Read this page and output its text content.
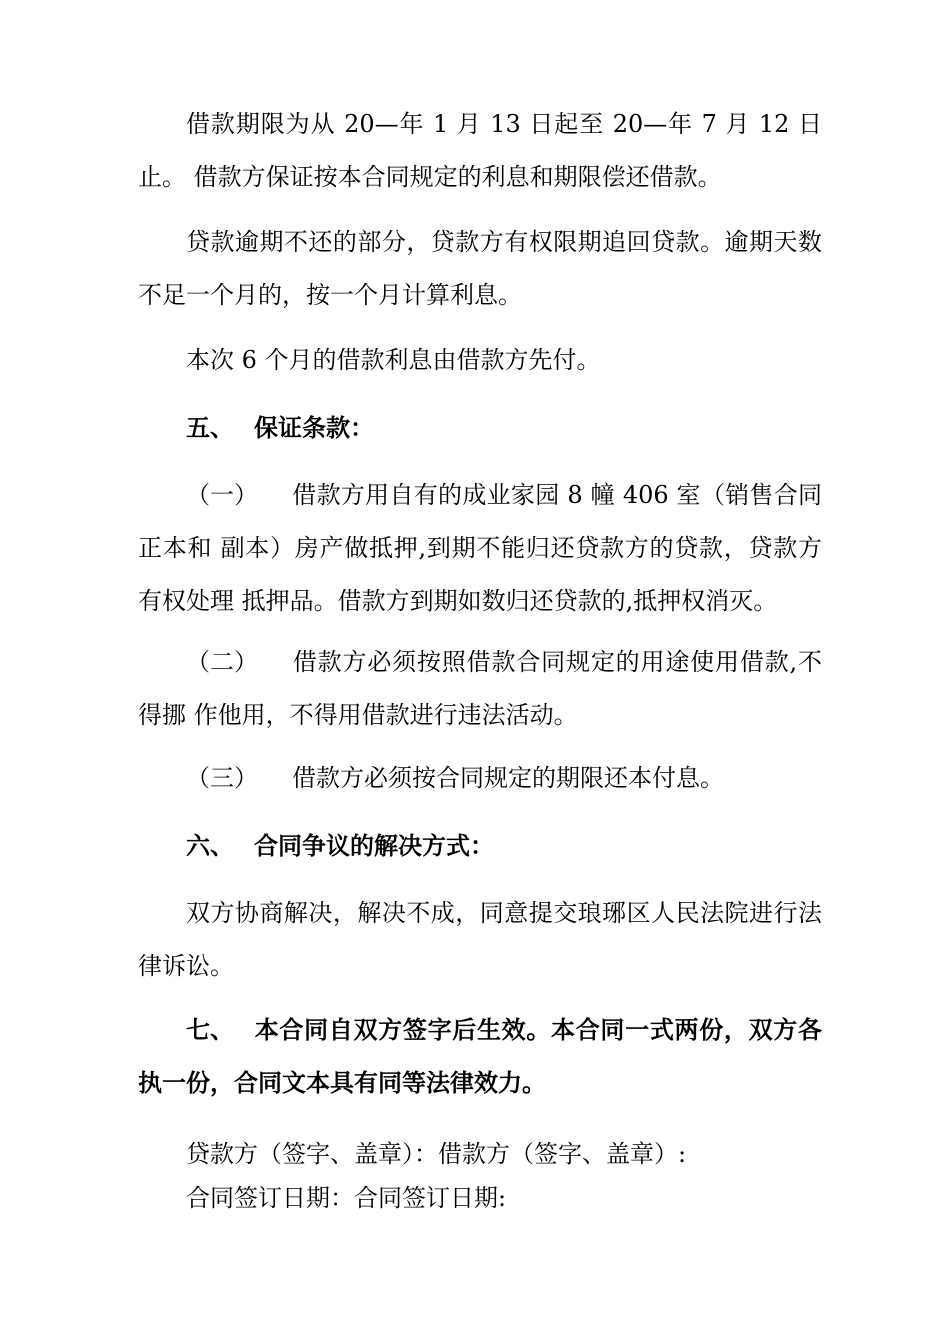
借款期限为从 20—年 1 月 13 日起至 20—年 7 月 12 日止。 借款方保证按本合同规定的利息和期限偿还借款。

贷款逾期不还的部分，贷款方有权限期追回贷款。逾期天数不足一个月的，按一个月计算利息。

本次 6 个月的借款利息由借款方先付。

五、 保证条款：

（一） 借款方用自有的成业家园 8 幢 406 室（销售合同正本和 副本）房产做抵押,到期不能归还贷款方的贷款，贷款方有权处理 抵押品。借款方到期如数归还贷款的,抵押权消灭。

（二） 借款方必须按照借款合同规定的用途使用借款,不得挪 作他用，不得用借款进行违法活动。

（三） 借款方必须按合同规定的期限还本付息。

六、 合同争议的解决方式：

双方协商解决，解决不成，同意提交琅琊区人民法院进行法律诉讼。

七、 本合同自双方签字后生效。本合同一式两份，双方各执一份，合同文本具有同等法律效力。

贷款方（签字、盖章）：借款方（签字、盖章）:

合同签订日期：合同签订日期:
